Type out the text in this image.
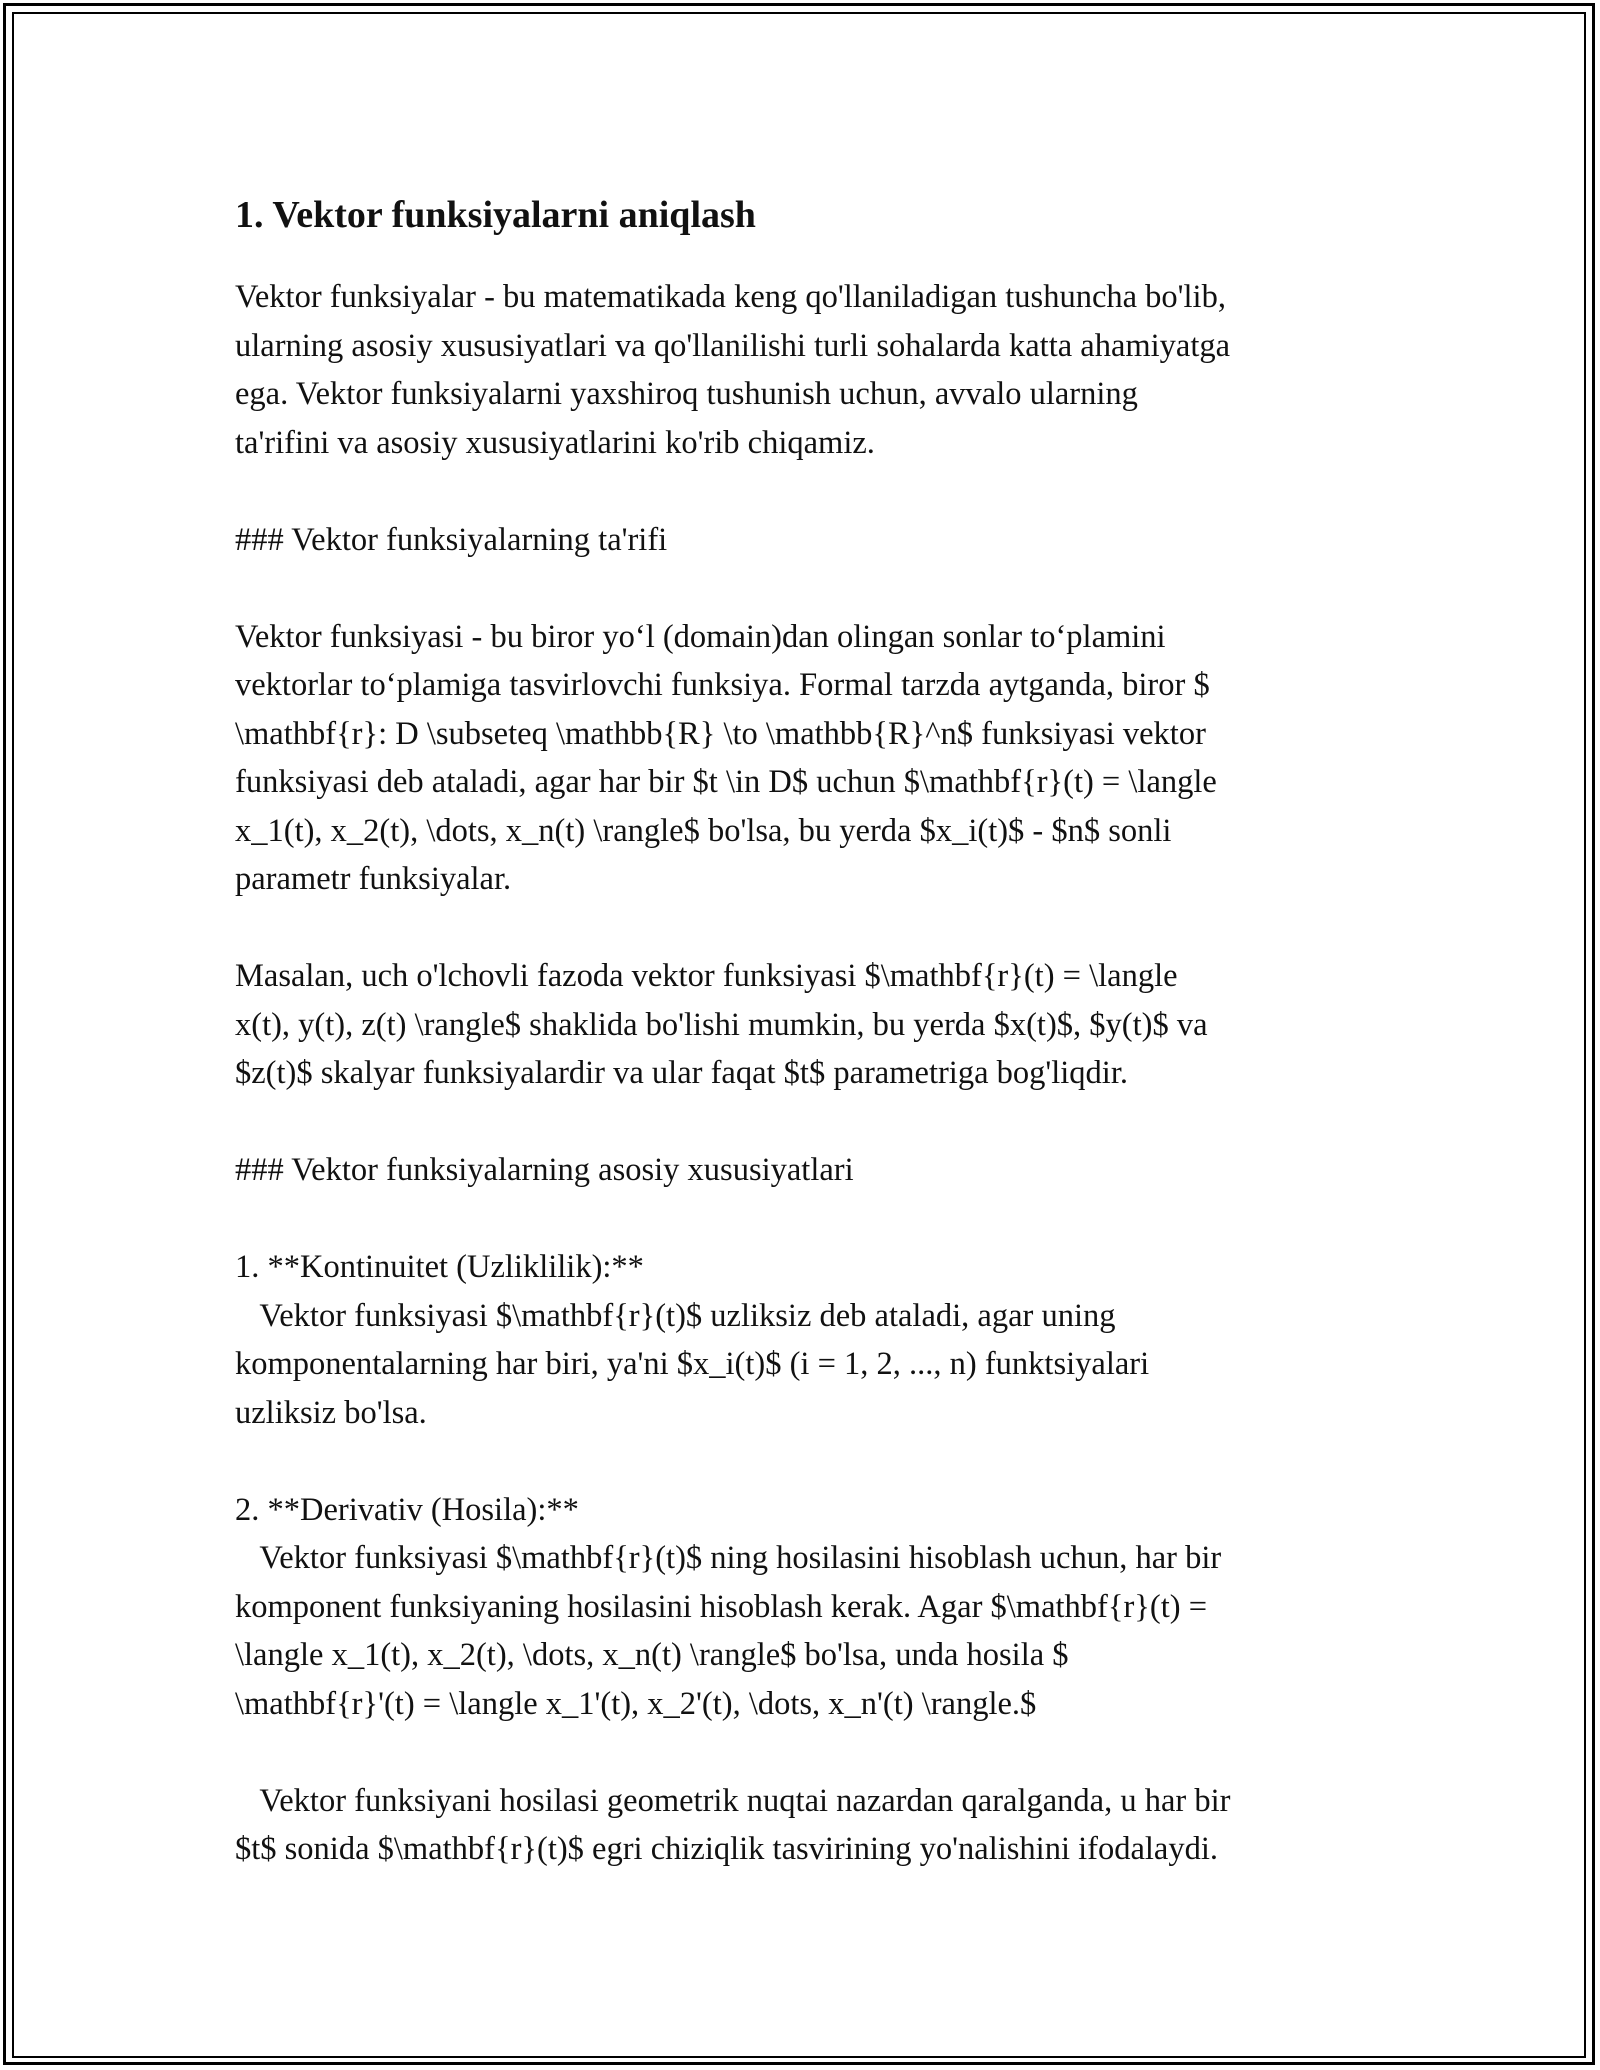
1. Vektor funksiyalarni aniqlash

Vektor funksiyalar - bu matematikada keng qo'llaniladigan tushuncha bo'lib,
ularning asosiy xususiyatlari va qo'llanilishi turli sohalarda katta ahamiyatga
ega. Vektor funksiyalarni yaxshiroq tushunish uchun, avvalo ularning
ta'rifini va asosiy xususiyatlarini ko'rib chiqamiz.

### Vektor funksiyalarning ta'rifi

Vektor funksiyasi - bu biror yo‘l (domain)dan olingan sonlar to‘plamini
vektorlar to‘plamiga tasvirlovchi funksiya. Formal tarzda aytganda, biror $
\mathbf{r}: D \subseteq \mathbb{R} \to \mathbb{R}^n$ funksiyasi vektor
funksiyasi deb ataladi, agar har bir $t \in D$ uchun $\mathbf{r}(t) = \langle
x_1(t), x_2(t), \dots, x_n(t) \rangle$ bo'lsa, bu yerda $x_i(t)$ - $n$ sonli
parametr funksiyalar.

Masalan, uch o'lchovli fazoda vektor funksiyasi $\mathbf{r}(t) = \langle
x(t), y(t), z(t) \rangle$ shaklida bo'lishi mumkin, bu yerda $x(t)$, $y(t)$ va
$z(t)$ skalyar funksiyalardir va ular faqat $t$ parametriga bog'liqdir.

### Vektor funksiyalarning asosiy xususiyatlari

1. **Kontinuitet (Uzliklilik):**
Vektor funksiyasi $\mathbf{r}(t)$ uzliksiz deb ataladi, agar uning
komponentalarning har biri, ya'ni $x_i(t)$ (i = 1, 2, ..., n) funktsiyalari
uzliksiz bo'lsa.

2. **Derivativ (Hosila):**
Vektor funksiyasi $\mathbf{r}(t)$ ning hosilasini hisoblash uchun, har bir
komponent funksiyaning hosilasini hisoblash kerak. Agar $\mathbf{r}(t) =
\langle x_1(t), x_2(t), \dots, x_n(t) \rangle$ bo'lsa, unda hosila $
\mathbf{r}'(t) = \langle x_1'(t), x_2'(t), \dots, x_n'(t) \rangle.$

Vektor funksiyani hosilasi geometrik nuqtai nazardan qaralganda, u har bir
$t$ sonida $\mathbf{r}(t)$ egri chiziqlik tasvirining yo'nalishini ifodalaydi.
